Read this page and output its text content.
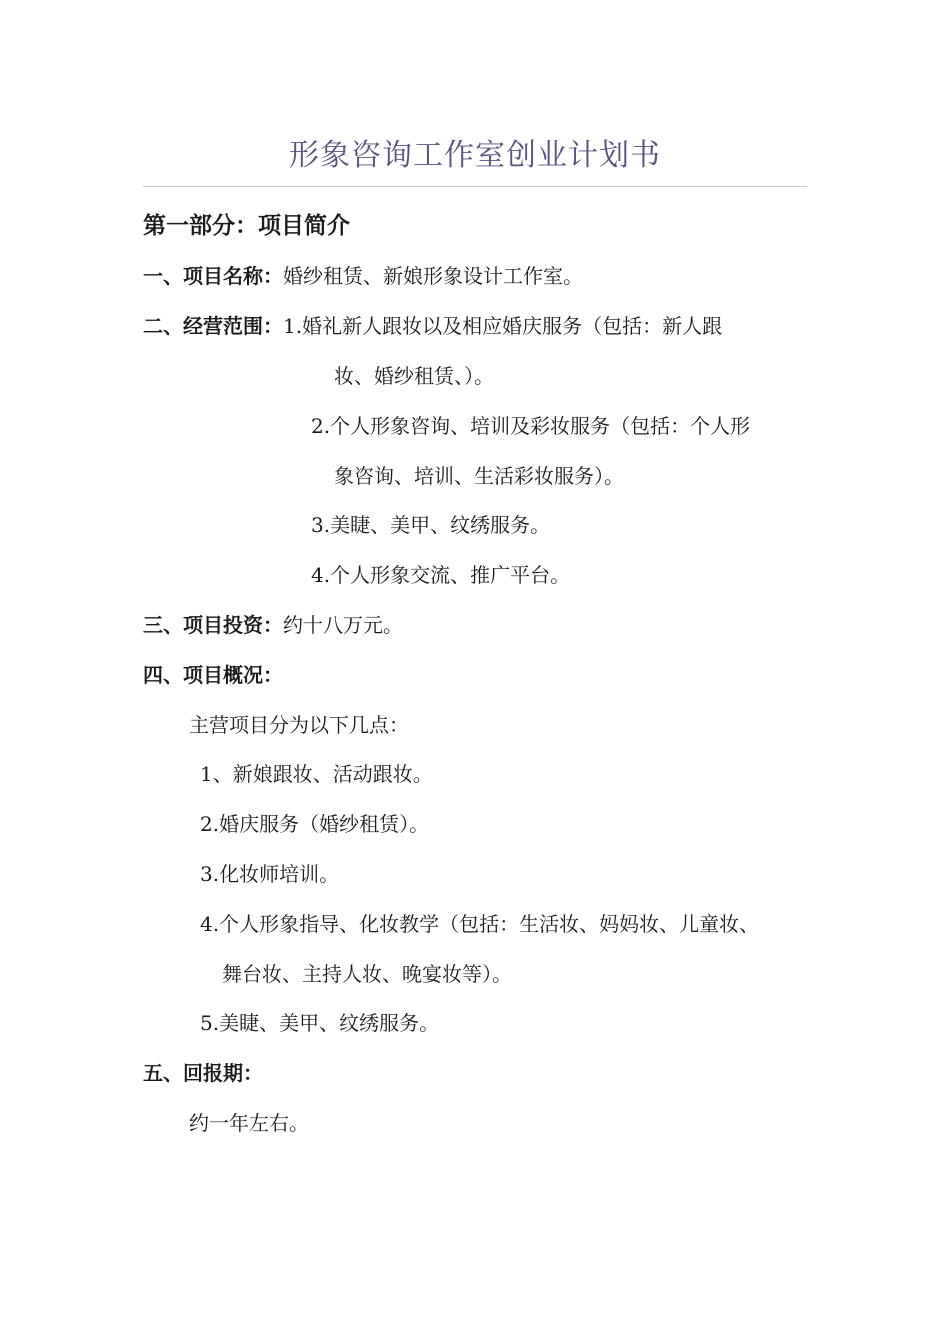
形象咨询工作室创业计划书
第一部分：项目简介
一、项目名称：婚纱租赁、新娘形象设计工作室。
二、经营范围：1.婚礼新人跟妆以及相应婚庆服务（包括：新人跟
妆、婚纱租赁、）。
2.个人形象咨询、培训及彩妆服务（包括：个人形
象咨询、培训、生活彩妆服务）。
3.美睫、美甲、纹绣服务。
4.个人形象交流、推广平台。
三、项目投资：约十八万元。
四、项目概况：
主营项目分为以下几点：
1、新娘跟妆、活动跟妆。
2.婚庆服务（婚纱租赁）。
3.化妆师培训。
4.个人形象指导、化妆教学（包括：生活妆、妈妈妆、儿童妆、
舞台妆、主持人妆、晚宴妆等）。
5.美睫、美甲、纹绣服务。
五、回报期：
约一年左右。
